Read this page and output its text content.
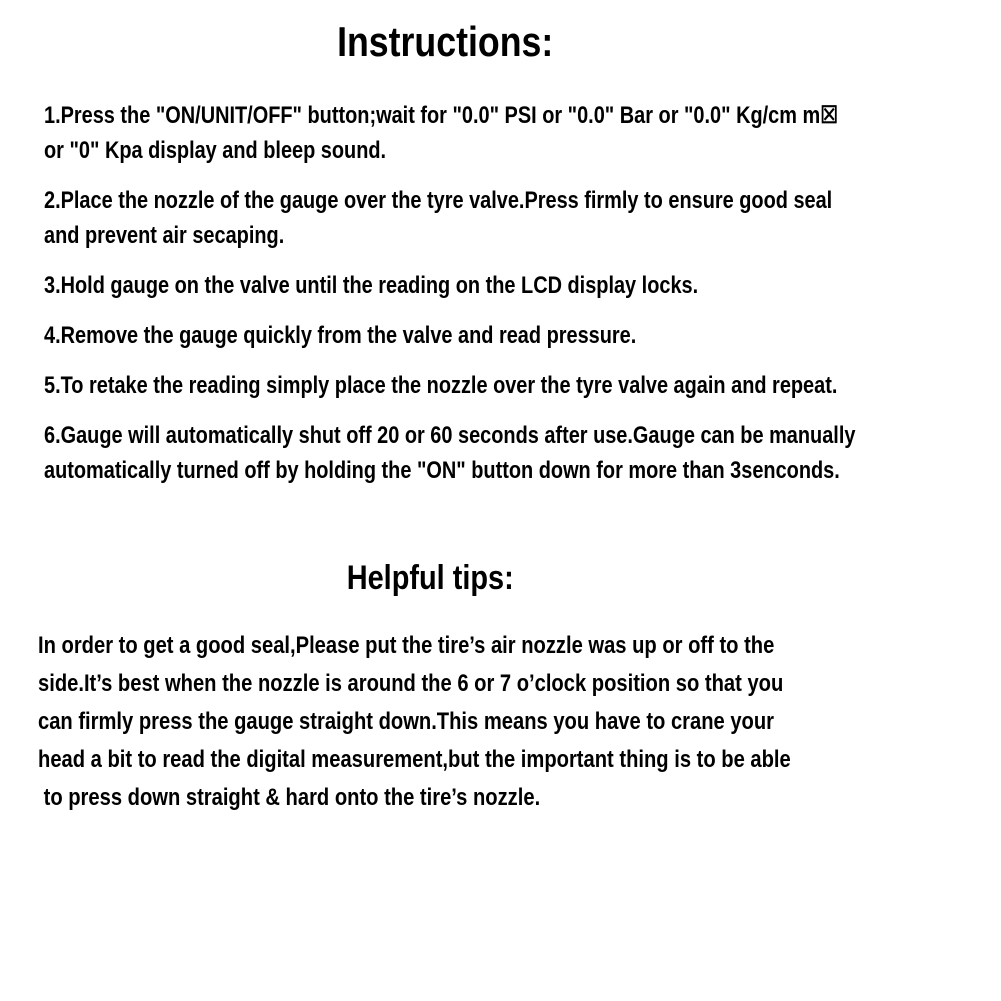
Instructions:
1.Press the "ON/UNIT/OFF" button;wait for "0.0" PSI or "0.0" Bar or "0.0" Kg/cm m☒
or "0" Kpa display and bleep sound.
2.Place the nozzle of the gauge over the tyre valve.Press firmly to ensure good seal
and prevent air secaping.
3.Hold gauge on the valve until the reading on the LCD display locks.
4.Remove the gauge quickly from the valve and read pressure.
5.To retake the reading simply place the nozzle over the tyre valve again and repeat.
6.Gauge will automatically shut off 20 or 60 seconds after use.Gauge can be manually
automatically turned off by holding the "ON" button down for more than 3senconds.
Helpful tips:
In order to get a good seal,Please put the tire’s air nozzle was up or off to the
side.It’s best when the nozzle is around the 6 or 7 o’clock position so that you
can firmly press the gauge straight down.This means you have to crane your
head a bit to read the digital measurement,but the important thing is to be able
to press down straight & hard onto the tire’s nozzle.
